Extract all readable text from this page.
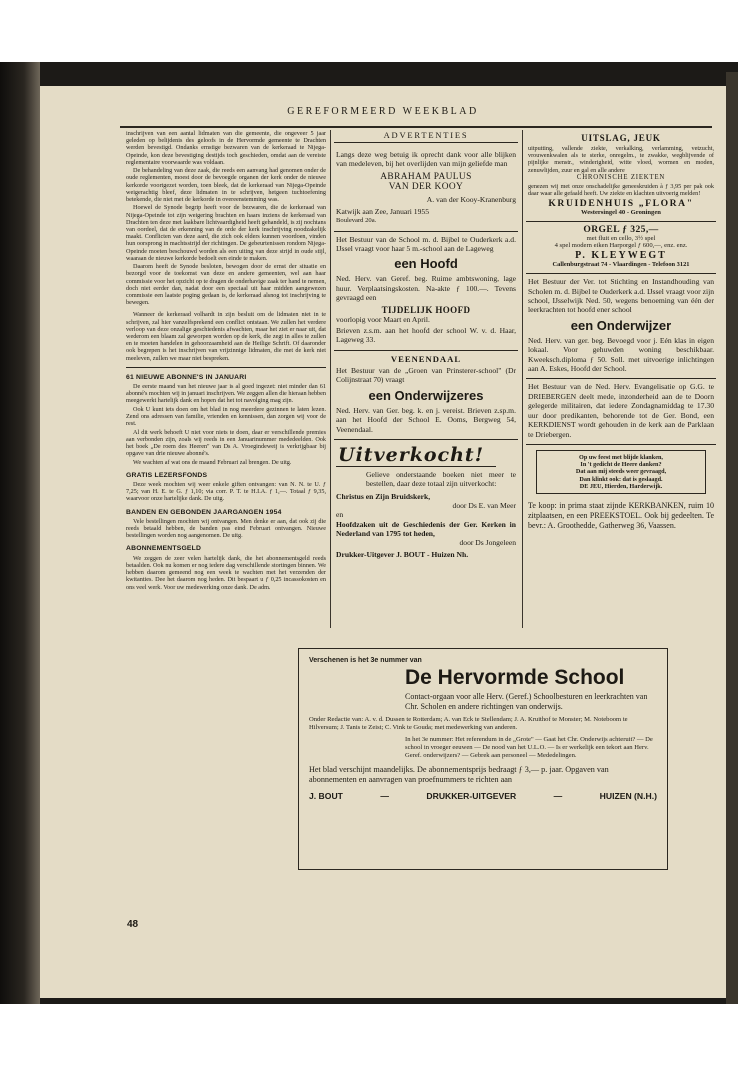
GEREFORMEERD WEEKBLAD

inschrijven van een aantal lidmaten van die gemeente, die ongeveer 5 jaar geleden op belijdenis des geloofs in de Hervormde gemeente te Drachten werden bevestigd. Ondanks ernstige bezwaren van de kerkeraad te Nijega-Opeinde, kon deze bevestiging destijds toch geschieden, omdat aan de vereiste reglementaire voorwaarde was voldaan.

De behandeling van deze zaak, die reeds een aanvang had genomen onder de oude reglementen, moest door de bevoegde organen der kerk onder de nieuwe kerkorde voortgezet worden, toen bleek, dat de kerkeraad van Nijega-Opeinde weigerachtig bleef, deze lidmaten in te schrijven, hetgeen tuchtoefening betekende, die niet met de kerkorde in overeenstemming was.

Hoewel de Synode begrip heeft voor de bezwaren, die de kerkeraad van Nijega-Opeinde tot zijn weigering brachten en haars inziens de kerkeraad van Drachten ten deze met laakbare lichtvaardigheid heeft gehandeld, is zij nochtans van oordeel, dat de erkenning van de orde der kerk inschrijving noodzakelijk maakt. Conflicten van deze aard, die zich ook elders kunnen voordoen, vinden hun oorsprong in machtsstrijd der richtingen. De gebeurtenissen rondom Nijega-Opeinde moeten beschouwd worden als een uiting van deze strijd in oude stijl, waaraan de nieuwe kerkorde bedoelt een einde te maken.

Daarom heeft de Synode besloten, bewogen door de ernst der situatie en bezorgd voor de toekomst van deze en andere gemeenten, wel aan haar commissie voor het opzicht op te dragen de onderhavige zaak ter hand te nemen, doch niet eerder dan, nadat door een speciaal uit haar midden aangewezen commissie een laatste poging gedaan is, de kerkeraad alsnog tot inschrijving te bewegen.

Wanneer de kerkeraad volhardt in zijn besluit om de lidmaten niet in te schrijven, zal hier vanzelfsprekend een conflict ontstaan. We zullen het verdere verloop van deze onzalige geschiedenis afwachten, maar het ziet er naar uit, dat wederom een blaam zal geworpen worden op de kerk, die zegt in alles te zullen en te moeten handelen in gehoorzaamheid aan de Heilige Schrift. Of daaronder ook begrepen is het inschrijven van vrijzinnige lidmaten, die met de kerk niet meeleven, zullen we maar niet bespreken.

61 NIEUWE ABONNE'S IN JANUARI

De eerste maand van het nieuwe jaar is al goed ingezet: niet minder dan 61 abonné's mochten wij in januari inschrijven. We zeggen allen die hieraan hebben meegewerkt hartelijk dank en hopen dat het tot navolging mag zijn.

Ook U kunt iets doen om het blad in nog meerdere gezinnen te laten lezen. Zend ons adressen van familie, vrienden en kennissen, dan zorgen wij voor de rest.

Al dit werk behoeft U niet voor niets te doen, daar er verschillende premies aan verbonden zijn, zoals wij reeds in een Januarinummer mededeelden. Ook het boek „De roem des Heeren" van Ds A. Vroegindeweij is verkrijgbaar bij opgave van drie nieuwe abonné's.

We wachten af wat ons de maand Februari zal brengen. De uitg.

GRATIS LEZERSFONDS

Deze week mochten wij weer enkele giften ontvangen: van N. N. te U. ƒ 7,25; van H. E. te G. ƒ 1,10; via corr. P. T. te H.I.A. ƒ 1,—. Totaal ƒ 9,35, waarvoor onze hartelijke dank. De uitg.

BANDEN EN GEBONDEN JAARGANGEN 1954

Vele bestellingen mochten wij ontvangen. Men denke er aan, dat ook zij die reeds betaald hebben, de banden pas eind Februari ontvangen. Nieuwe bestellingen worden nog aangenomen. De uitg.

ABONNEMENTSGELD

We zeggen de zeer velen hartelijk dank, die het abonnementsgeld reeds betaalden. Ook nu komen er nog iedere dag verschillende stortingen binnen. We hebben daarom gemeend nog een week te wachten met het verzenden der kwitanties. Dee het daarom nog heden. Dit bespaart u ƒ 0,25 incassokosten en ons veel werk. Voor uw medewerking onze dank. De adm.

ADVERTENTIES
Langs deze weg betuig ik oprecht dank voor alle blijken van medeleven, bij het overlijden van mijn geliefde man
ABRAHAM PAULUS
VAN DER KOOY
A. van der Kooy-Kranenburg
Katwijk aan Zee, Januari 1955
Boulevard 20a.
Het Bestuur van de School m. d. Bijbel te Ouderkerk a.d. IJssel vraagt voor haar 5 m.-school aan de Lageweg
een Hoofd
Ned. Herv. van Geref. beg. Ruime ambtswoning, lage huur. Verplaatsingskosten. Na-akte ƒ 100.—. Tevens gevraagd een
TIJDELIJK HOOFD
voorlopig voor Maart en April.
Brieven z.s.m. aan het hoofd der school W. v. d. Haar, Lageweg 33.
VEENENDAAL
Het Bestuur van de „Groen van Prinsterer-school" (Dr Colijnstraat 70) vraagt
een Onderwijzeres
Ned. Herv. van Ger. beg. k. en j. vereist. Brieven z.sp.m. aan het Hoofd der School E. Ooms, Bergweg 54, Veenendaal.
Uitverkocht!
Gelieve onderstaande boeken niet meer te bestellen, daar deze totaal zijn uitverkocht:
Christus en Zijn Bruidskerk,
door Ds E. van Meer
en
Hoofdzaken uit de Geschiedenis der Ger. Kerken in Nederland van 1795 tot heden,
door Ds Jongeleen
Drukker-Uitgever J. BOUT - Huizen Nh.
UITSLAG, JEUK
uitputting, vallende ziekte, verkalking, verlamming, vetzucht, vrouwenkwalen als te sterke, onregelm., te zwakke, wegblijvende of pijnlijke menstr., winderigheid, witte vloed, wormen en moden, zenuwlijden, zuur en gal en alle andere
CHRONISCHE ZIEKTEN
genezen wij met onze onschadelijke geneeskruiden à ƒ 3,95 per pak ook daar waar alle gefaald heeft. Uw ziekte en klachten uitvoerig melden!
KRUIDENHUIS „FLORA"
Westersingel 40 - Groningen
ORGEL ƒ 325,—
met fluit en cello, 3½ spel
4 spel modern eiken Harporgel ƒ 600,—, enz. enz.
P. KLEYWEGT
Callenburgstraat 74 - Vlaardingen - Telefoon 3121
Het Bestuur der Ver. tot Stichting en Instandhouding van Scholen m. d. Bijbel te Ouderkerk a.d. IJssel vraagt voor zijn school, IJsselwijk Ned. 50, wegens benoeming van één der leerkrachten tot hoofd ener school
een Onderwijzer
Ned. Herv. van ger. beg. Bevoegd voor j. Eén klas in eigen lokaal. Voor gehuwden woning beschikbaar. Kweeksch.diploma ƒ 50. Soll. met uitvoerige inlichtingen aan A. Eskes, Hoofd der School.
Het Bestuur van de Ned. Herv. Evangelisatie op G.G. te DRIEBERGEN deelt mede, inzonderheid aan de te Doorn gelegerde militairen, dat iedere Zondagnamiddag te 17.30 uur door predikanten, behorende tot de Ger. Bond, een KERKDIENST wordt gehouden in de kerk aan de Parklaan te Driebergen.
Op uw feest met blijde klanken,
In 't gedicht de Heere danken?
Dat aan mij steeds weer gevraagd,
Dan klinkt ook: dat is geslaagd.
DE JEU, Hierden, Harderwijk.
Te koop: in prima staat zijnde KERKBANKEN, ruim 10 zitplaatsen, en een PREEKSTOEL. Ook bij gedeelten. Te bevr.: A. Groothedde, Gatherweg 36, Vaassen.
48
Verschenen is het 3e nummer van
De Hervormde School
Contact-orgaan voor alle Herv. (Geref.) Schoolbesturen en leerkrachten van Chr. Scholen en andere richtingen van onderwijs.
Onder Redactie van: A. v. d. Dussen te Rotterdam; A. van Eck te Stellendam; J. A. Kruithof te Monster; M. Noteboom te Hilversum; J. Tanis te Zeist; C. Vink te Gouda; met medewerking van anderen.
In het 3e nummer: Het referendum in de „Grote" — Gaat het Chr. Onderwijs achteruit? — De school in vroeger eeuwen — De nood van het U.L.O. — Is er werkelijk een tekort aan Herv. Geref. onderwijzers? — Gebrek aan personeel — Mededelingen.
Het blad verschijnt maandelijks. De abonnementsprijs bedraagt ƒ 3,— p. jaar. Opgaven van abonnementen en aanvragen van proefnummers te richten aan
J. BOUT	—	DRUKKER-UITGEVER	—	HUIZEN (N.H.)
